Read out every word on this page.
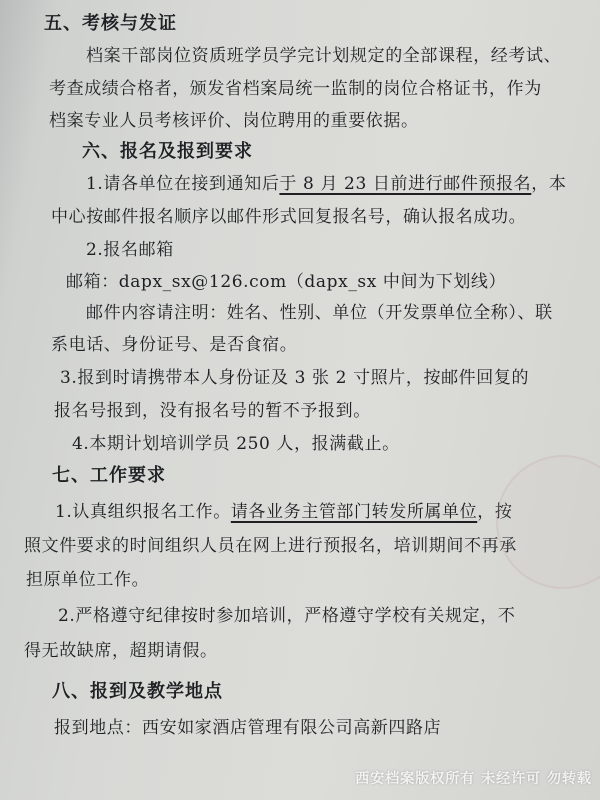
五、考核与发证
档案干部岗位资质班学员学完计划规定的全部课程，经考试、
考查成绩合格者，颁发省档案局统一监制的岗位合格证书，作为
档案专业人员考核评价、岗位聘用的重要依据。
六、报名及报到要求
1.请各单位在接到通知后于 8 月 23 日前进行邮件预报名，本
中心按邮件报名顺序以邮件形式回复报名号，确认报名成功。
2.报名邮箱
邮箱：dapx_sx@126.com（dapx_sx 中间为下划线）
邮件内容请注明：姓名、性别、单位（开发票单位全称）、联
系电话、身份证号、是否食宿。
3.报到时请携带本人身份证及 3 张 2 寸照片，按邮件回复的
报名号报到，没有报名号的暂不予报到。
4.本期计划培训学员 250 人，报满截止。
七、工作要求
1.认真组织报名工作。请各业务主管部门转发所属单位，按
照文件要求的时间组织人员在网上进行预报名，培训期间不再承
担原单位工作。
2.严格遵守纪律按时参加培训，严格遵守学校有关规定，不
得无故缺席，超期请假。
八、报到及教学地点
报到地点：西安如家酒店管理有限公司高新四路店
西安档案版权所有 未经许可 勿转载
